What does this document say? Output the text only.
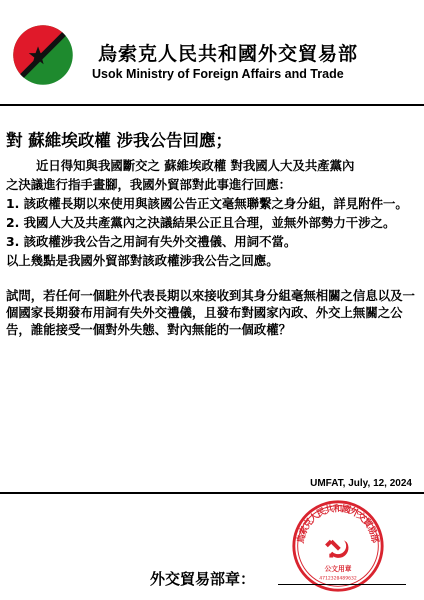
烏索克人民共和國外交貿易部
Usok Ministry of Foreign Affairs and Trade
對 蘇維埃政權 涉我公告回應；

近日得知與我國斷交之 蘇維埃政權 對我國人大及共產黨內

之決議進行指手畫腳，我國外貿部對此事進行回應：

1. 該政權長期以來使用與該國公告正文毫無聯繫之身分組，詳見附件一。

2. 我國人大及共產黨內之決議結果公正且合理，並無外部勢力干涉之。

3. 該政權涉我公告之用詞有失外交禮儀、用詞不當。

以上幾點是我國外貿部對該政權涉我公告之回應。

試問，若任何一個駐外代表長期以來接收到其身分組毫無相關之信息以及一個國家長期發布用詞有失外交禮儀，且發布對國家內政、外交上無關之公告，誰能接受一個對外失態、對內無能的一個政權？

UMFAT, July, 12, 2024
烏索克人民共和國外交貿易部
公文用章
4712320489632
外交貿易部章：
